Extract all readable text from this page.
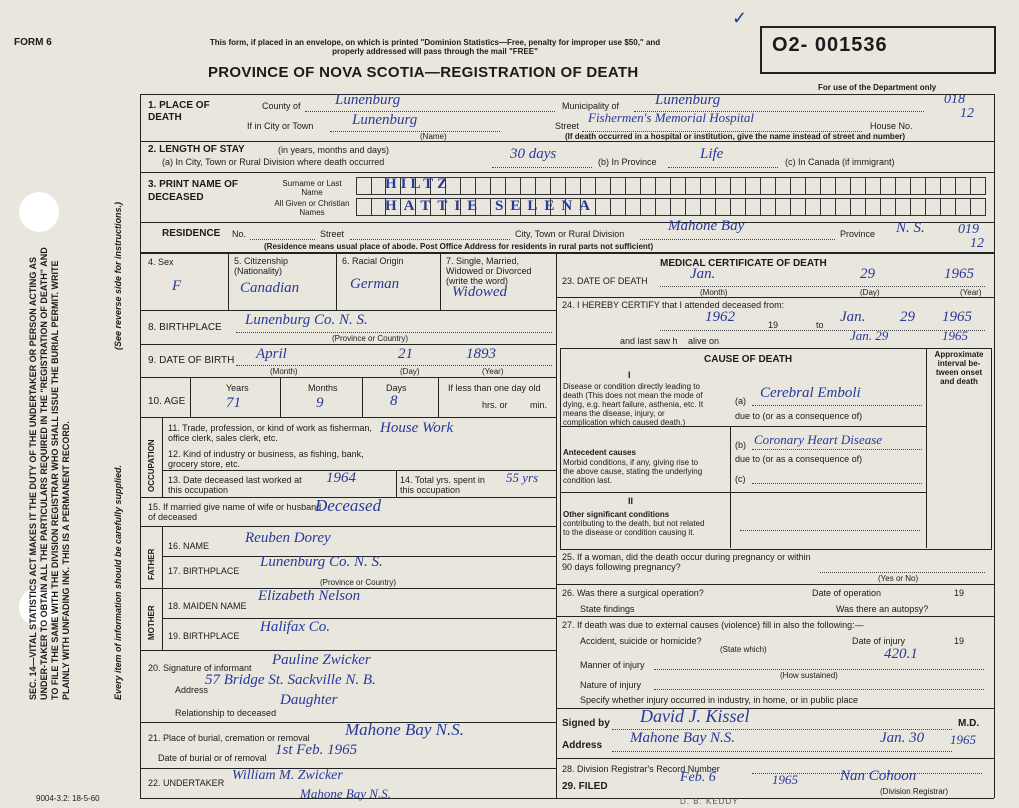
FORM 6	This form, if placed in an envelope, on which is printed "Dominion Statistics—Free, penalty for improper use $50," and properly addressed will pass through the mail "FREE"
PROVINCE OF NOVA SCOTIA—REGISTRATION OF DEATH
O2- 001536
For use of the Department only
018
12
019
12
SEC. 14—VITAL STATISTICS ACT MAKES IT THE DUTY OF THE UNDERTAKER OR PERSON ACTING AS UNDER-TAKER TO OBTAIN ALL THE PARTICULARS REQUIRED IN THE "REGISTRATION OF DEATH" AND TO FILE THE SAME WITH THE DIVISION REGISTRAR WHO SHALL ISSUE THE BURIAL PERMIT. WRITE PLAINLY WITH UNFADING INK. THIS IS A PERMANENT RECORD.
(See reverse side for instructions.)
Every item of information should be carefully supplied.
1. PLACE OF DEATH
County of Lunenburg	Municipality of Lunenburg
If in City or Town	Lunenburg
(Name)
Street
Fishermen's Memorial Hospital
House No.
(If death occurred in a hospital or institution, give the name instead of street and number)
2. LENGTH OF STAY	(in years, months and days)
(a) In City, Town or Rural Division where death occurred	30 days	(b) In Province	Life	(c) In Canada (if immigrant)
3. PRINT NAME OF DECEASED
Surname or Last Name
All Given or Christian Names
HILTZ
HATTIE SELENA
RESIDENCE No.	Street	City, Town or Rural Division	Mahone Bay	Province N. S.
(Residence means usual place of abode. Post Office Address for residents in rural parts not sufficient)
4. Sex
F
5. Citizenship (Nationality)
Canadian
6. Racial Origin
German
7. Single, Married, Widowed or Divorced (write the word)
Widowed
8. BIRTHPLACE Lunenburg Co. N. S.
(Province or Country)
9. DATE OF BIRTH April	21	1893
(Month)	(Day)	(Year)
10. AGE
Years	Months	Days
71	9	8
If less than one day old
hrs. or min.
OCCUPATION
11. Trade, profession, or kind of work as fisherman, office clerk, sales clerk, etc.
House Work
12. Kind of industry or business, as fishing, bank, grocery store, etc.
13. Date deceased last worked at this occupation
1964	14. Total yrs. spent in this occupation
55 yrs
15. If married give name of wife or husband of deceased
Deceased
FATHER
16. NAME Reuben Dorey
17. BIRTHPLACE
Lunenburg Co. N. S.
(Province or Country)
MOTHER 18. MAIDEN NAME
Elizabeth Nelson
19. BIRTHPLACE
Halifax Co.
20. Signature of informant Pauline Zwicker
Address
57 Bridge St. Sackville N. B.
Relationship to deceased
Daughter
21. Place of burial, cremation or removal Mahone Bay N.S.
Date of burial or of removal 1st Feb. 1965
22. UNDERTAKER William M. Zwicker
Mahone Bay N.S.
9004-3.2: 18-5-60
MEDICAL CERTIFICATE OF DEATH
23. DATE OF DEATH	Jan.	29	1965
(Month)	(Day)	(Year)
24. I HEREBY CERTIFY that I attended deceased from:
1962	19	to Jan. 29 1965
and last saw h alive on	Jan. 29	1965
CAUSE OF DEATH	Approximate interval be-tween onset and death
I
Disease or condition directly leading to death (This does not mean the mode of dying, e.g. heart failure, asthenia, etc. It means the disease, injury, or complication which caused death.)
(a) Cerebral Emboli
due to (or as a consequence of)
Antecedent causes
Morbid conditions, if any, giving rise to the above cause, stating the underlying condition last.
(b) Coronary Heart Disease
due to (or as a consequence of)
(c)
II
Other significant conditions
contributing to the death, but not related to the disease or condition causing it.
25. If a woman, did the death occur during pregnancy or within 90 days following pregnancy?
(Yes or No)
26. Was there a surgical operation?	Date of operation	19
State findings	Was there an autopsy?
27. If death was due to external causes (violence) fill in also the following:—
Accident, suicide or homicide?	Date of injury	19
(State which)
Manner of injury
420.1
(How sustained)
Nature of injury
Specify whether injury occurred in industry, in home, or in public place
Signed by David J. Kissel	M.D.
Address Mahone Bay N.S.	Jan. 30 1965
28. Division Registrar's Record Number
29. FILED
Feb. 6	1965	Nan Cohoon
(Division Registrar)
D. B. KEDDY
✓
